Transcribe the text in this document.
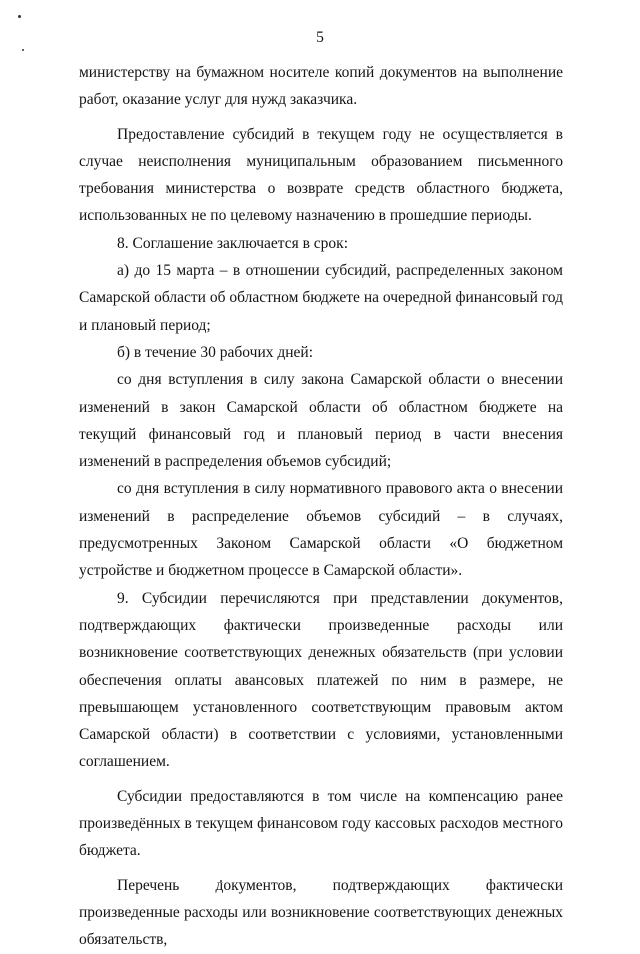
5

министерству на бумажном носителе копий документов на выполнение работ, оказание услуг для нужд заказчика.

Предоставление субсидий в текущем году не осуществляется в случае неисполнения муниципальным образованием письменного требования министерства о возврате средств областного бюджета, использованных не по целевому назначению в прошедшие периоды.

8. Соглашение заключается в срок:

а) до 15 марта – в отношении субсидий, распределенных законом Самарской области об областном бюджете на очередной финансовый год и плановый период;

б) в течение 30 рабочих дней:

со дня вступления в силу закона Самарской области о внесении изменений в закон Самарской области об областном бюджете на текущий финансовый год и плановый период в части внесения изменений в распределения объемов субсидий;

со дня вступления в силу нормативного правового акта о внесении изменений в распределение объемов субсидий – в случаях, предусмотренных Законом Самарской области «О бюджетном устройстве и бюджетном процессе в Самарской области».

9. Субсидии перечисляются при представлении документов, подтверждающих фактически произведенные расходы или возникновение соответствующих денежных обязательств (при условии обеспечения оплаты авансовых платежей по ним в размере, не превышающем установленного соответствующим правовым актом Самарской области) в соответствии с условиями, установленными соглашением.

Субсидии предоставляются в том числе на компенсацию ранее произведённых в текущем финансовом году кассовых расходов местного бюджета.

Перечень документов, подтверждающих фактически произведенные расходы или возникновение соответствующих денежных обязательств,
